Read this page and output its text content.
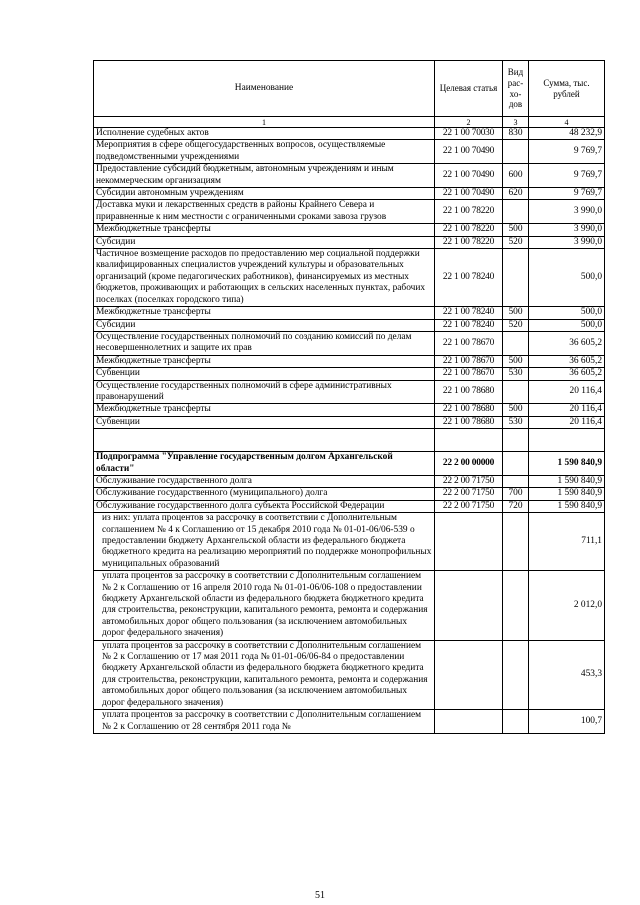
Наименование	Целевая статья	Вид рас- хо- дов	Сумма, тыс. рублей
1	2	3	4
Исполнение судебных актов	22 1 00 70030	830	48 232,9
Мероприятия в сфере общегосударственных вопросов, осуществляемые подведомственными учреждениями	22 1 00 70490		9 769,7
Предоставление субсидий бюджетным, автономным учреждениям и иным некоммерческим организациям	22 1 00 70490	600	9 769,7
Субсидии автономным учреждениям	22 1 00 70490	620	9 769,7
Доставка муки и лекарственных средств в районы Крайнего Севера и приравненные к ним местности с ограниченными сроками завоза грузов	22 1 00 78220		3 990,0
Межбюджетные трансферты	22 1 00 78220	500	3 990,0
Субсидии	22 1 00 78220	520	3 990,0
Частичное возмещение расходов по предоставлению мер социальной поддержки квалифицированных специалистов учреждений культуры и образовательных организаций (кроме педагогических работников), финансируемых из местных бюджетов, проживающих и работающих в сельских населенных пунктах, рабочих поселках (поселках городского типа)	22 1 00 78240		500,0
Межбюджетные трансферты	22 1 00 78240	500	500,0
Субсидии	22 1 00 78240	520	500,0
Осуществление государственных полномочий по созданию комиссий по делам несовершеннолетних и защите их прав	22 1 00 78670		36 605,2
Межбюджетные трансферты	22 1 00 78670	500	36 605,2
Субвенции	22 1 00 78670	530	36 605,2
Осуществление государственных полномочий в сфере административных правонарушений	22 1 00 78680		20 116,4
Межбюджетные трансферты	22 1 00 78680	500	20 116,4
Субвенции	22 1 00 78680	530	20 116,4

Подпрограмма "Управление государственным долгом Архангельской области"	22 2 00 00000		1 590 840,9
Обслуживание государственного долга	22 2 00 71750		1 590 840,9
Обслуживание государственного (муниципального) долга	22 2 00 71750	700	1 590 840,9
Обслуживание государственного долга субъекта Российской Федерации	22 2 00 71750	720	1 590 840,9
из них: уплата процентов за рассрочку в соответствии с Дополнительным соглашением № 4 к Соглашению от 15 декабря 2010 года № 01-01-06/06-539 о предоставлении бюджету Архангельской области из федерального бюджета бюджетного кредита на реализацию мероприятий по поддержке монопрофильных муниципальных образований			711,1
уплата процентов за рассрочку в соответствии с Дополнительным соглашением № 2 к Соглашению от 16 апреля 2010 года № 01-01-06/06-108 о предоставлении бюджету Архангельской области из федерального бюджета бюджетного кредита для строительства, реконструкции, капитального ремонта, ремонта и содержания автомобильных дорог общего пользования (за исключением автомобильных дорог федерального значения)			2 012,0
уплата процентов за рассрочку в соответствии с Дополнительным соглашением № 2 к Соглашению от 17 мая 2011 года № 01-01-06/06-84 о предоставлении бюджету Архангельской области из федерального бюджета бюджетного кредита для строительства, реконструкции, капитального ремонта, ремонта и содержания автомобильных дорог общего пользования (за исключением автомобильных дорог федерального значения)			453,3
уплата процентов за рассрочку в соответствии с Дополнительным соглашением № 2 к Соглашению от 28 сентября 2011 года №			100,7
51
